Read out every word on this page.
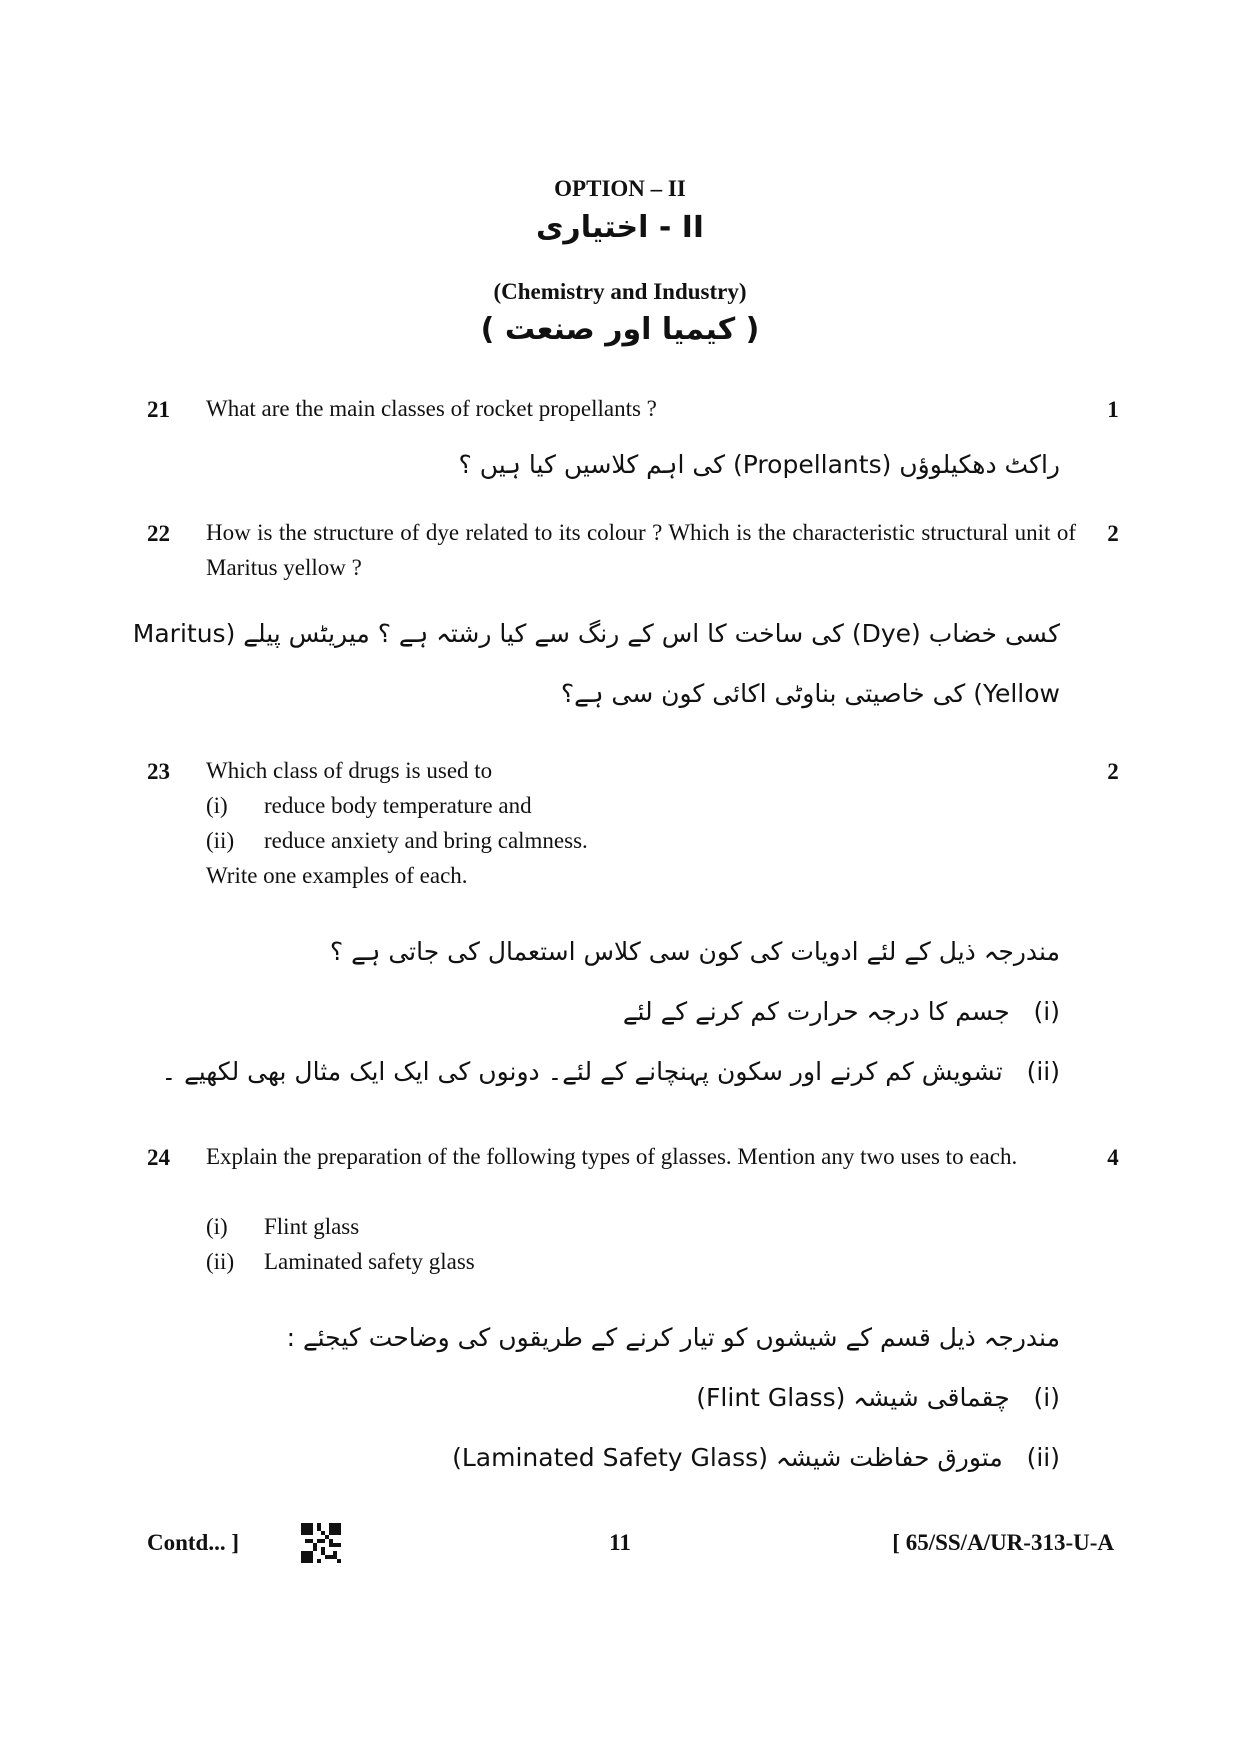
OPTION – II
اختیاری - II
(Chemistry and Industry)
( کیمیا اور صنعت )
21	1
What are the main classes of rocket propellants ?
راکٹ دھکیلوؤں (Propellants) کی اہم کلاسیں کیا ہیں ؟
22	2
How is the structure of dye related to its colour ? Which is the characteristic structural unit of Maritus yellow ?
کسی خضاب (Dye) کی ساخت کا اس کے رنگ سے کیا رشتہ ہے ؟ میریٹس پیلے (Maritus
Yellow) کی خاصیتی بناوٹی اکائی کون سی ہے؟
23	2
Which class of drugs is used to
(i) reduce body temperature and
(ii) reduce anxiety and bring calmness.
Write one examples of each.
مندرجہ ذیل کے لئے ادویات کی کون سی کلاس استعمال کی جاتی ہے ؟
(i)   جسم کا درجہ حرارت کم کرنے کے لئے
(ii)   تشویش کم کرنے اور سکون پہنچانے کے لئے۔ دونوں کی ایک ایک مثال بھی لکھیے ۔
24	4
Explain the preparation of the following types of glasses. Mention any two uses to each.
(i) Flint glass
(ii) Laminated safety glass
مندرجہ ذیل قسم کے شیشوں کو تیار کرنے کے طریقوں کی وضاحت کیجئے :
(i)   چقماقی شیشہ (Flint Glass)
(ii)   متورق حفاظت شیشہ (Laminated Safety Glass)
Contd... ]	11	[ 65/SS/A/UR-313-U-A
